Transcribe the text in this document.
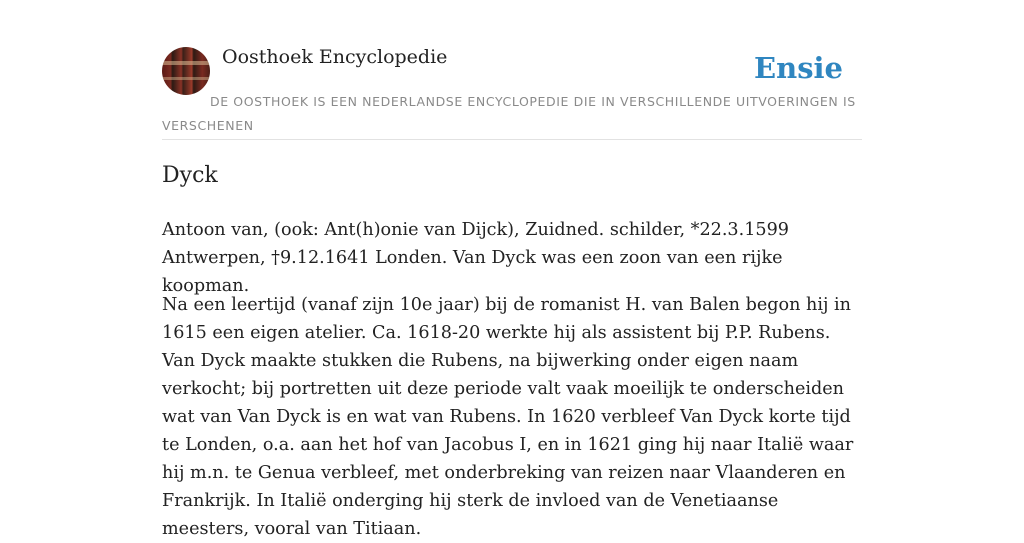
Oosthoek Encyclopedie	Ensie
DE OOSTHOEK IS EEN NEDERLANDSE ENCYCLOPEDIE DIE IN VERSCHILLENDE UITVOERINGEN IS VERSCHENEN
Dyck

Antoon van, (ook: Ant(h)onie van Dijck), Zuidned. schilder, *22.3.1599 Antwerpen, †9.12.1641 Londen. Van Dyck was een zoon van een rijke koopman.

Na een leertijd (vanaf zijn 10e jaar) bij de romanist H. van Balen begon hij in 1615 een eigen atelier. Ca. 1618-20 werkte hij als assistent bij P.P. Rubens. Van Dyck maakte stukken die Rubens, na bijwerking onder eigen naam verkocht; bij portretten uit deze periode valt vaak moeilijk te onderscheiden wat van Van Dyck is en wat van Rubens. In 1620 verbleef Van Dyck korte tijd te Londen, o.a. aan het hof van Jacobus I, en in 1621 ging hij naar Italië waar hij m.n. te Genua verbleef, met onderbreking van reizen naar Vlaanderen en Frankrijk. In Italië onderging hij sterk de invloed van de Venetiaanse meesters, vooral van Titiaan.
